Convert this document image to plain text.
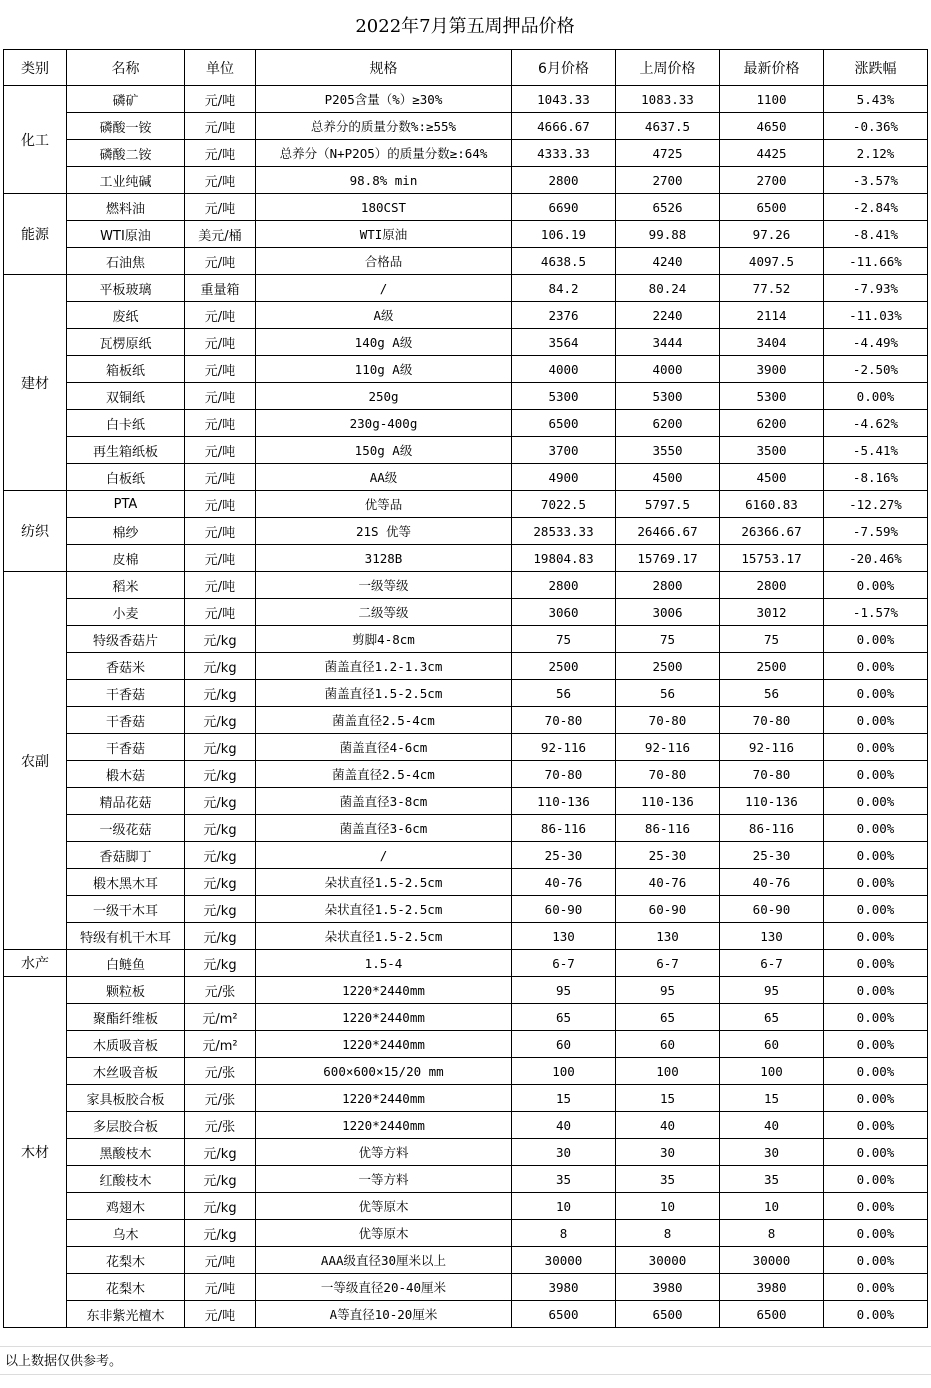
2022年7月第五周押品价格
类别	名称	单位	规格	6月价格	上周价格	最新价格	涨跌幅
化工	磷矿	元/吨	P205含量（%）≥30%	1043.33	1083.33	1100	5.43%
	磷酸一铵	元/吨	总养分的质量分数%:≥55%	4666.67	4637.5	4650	-0.36%
	磷酸二铵	元/吨	总养分（N+P2O5）的质量分数≥:64%	4333.33	4725	4425	2.12%
	工业纯碱	元/吨	98.8% min	2800	2700	2700	-3.57%
能源	燃料油	元/吨	180CST	6690	6526	6500	-2.84%
	WTI原油	美元/桶	WTI原油	106.19	99.88	97.26	-8.41%
	石油焦	元/吨	合格品	4638.5	4240	4097.5	-11.66%
建材	平板玻璃	重量箱	/	84.2	80.24	77.52	-7.93%
	废纸	元/吨	A级	2376	2240	2114	-11.03%
	瓦楞原纸	元/吨	140g A级	3564	3444	3404	-4.49%
	箱板纸	元/吨	110g A级	4000	4000	3900	-2.50%
	双铜纸	元/吨	250g	5300	5300	5300	0.00%
	白卡纸	元/吨	230g-400g	6500	6200	6200	-4.62%
	再生箱纸板	元/吨	150g A级	3700	3550	3500	-5.41%
	白板纸	元/吨	AA级	4900	4500	4500	-8.16%
纺织	PTA	元/吨	优等品	7022.5	5797.5	6160.83	-12.27%
	棉纱	元/吨	21S 优等	28533.33	26466.67	26366.67	-7.59%
	皮棉	元/吨	3128B	19804.83	15769.17	15753.17	-20.46%
农副	稻米	元/吨	一级等级	2800	2800	2800	0.00%
	小麦	元/吨	二级等级	3060	3006	3012	-1.57%
	特级香菇片	元/kg	剪脚4-8cm	75	75	75	0.00%
	香菇米	元/kg	菌盖直径1.2-1.3cm	2500	2500	2500	0.00%
	干香菇	元/kg	菌盖直径1.5-2.5cm	56	56	56	0.00%
	干香菇	元/kg	菌盖直径2.5-4cm	70-80	70-80	70-80	0.00%
	干香菇	元/kg	菌盖直径4-6cm	92-116	92-116	92-116	0.00%
	椴木菇	元/kg	菌盖直径2.5-4cm	70-80	70-80	70-80	0.00%
	精品花菇	元/kg	菌盖直径3-8cm	110-136	110-136	110-136	0.00%
	一级花菇	元/kg	菌盖直径3-6cm	86-116	86-116	86-116	0.00%
	香菇脚丁	元/kg	/	25-30	25-30	25-30	0.00%
	椴木黑木耳	元/kg	朵状直径1.5-2.5cm	40-76	40-76	40-76	0.00%
	一级干木耳	元/kg	朵状直径1.5-2.5cm	60-90	60-90	60-90	0.00%
	特级有机干木耳	元/kg	朵状直径1.5-2.5cm	130	130	130	0.00%
水产	白鲢鱼	元/kg	1.5-4	6-7	6-7	6-7	0.00%
木材	颗粒板	元/张	1220*2440mm	95	95	95	0.00%
	聚酯纤维板	元/m²	1220*2440mm	65	65	65	0.00%
	木质吸音板	元/m²	1220*2440mm	60	60	60	0.00%
	木丝吸音板	元/张	600×600×15/20 mm	100	100	100	0.00%
	家具板胶合板	元/张	1220*2440mm	15	15	15	0.00%
	多层胶合板	元/张	1220*2440mm	40	40	40	0.00%
	黑酸枝木	元/kg	优等方料	30	30	30	0.00%
	红酸枝木	元/kg	一等方料	35	35	35	0.00%
	鸡翅木	元/kg	优等原木	10	10	10	0.00%
	乌木	元/kg	优等原木	8	8	8	0.00%
	花梨木	元/吨	AAA级直径30厘米以上	30000	30000	30000	0.00%
	花梨木	元/吨	一等级直径20-40厘米	3980	3980	3980	0.00%
	东非紫光檀木	元/吨	A等直径10-20厘米	6500	6500	6500	0.00%
以上数据仅供参考。
